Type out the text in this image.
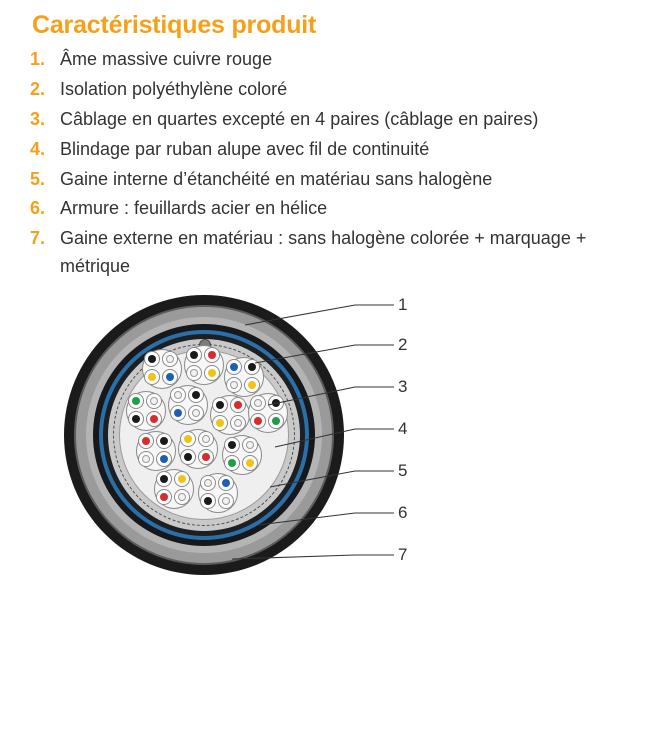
Caractéristiques produit
1. Âme massive cuivre rouge
2. Isolation polyéthylène coloré
3. Câblage en quartes excepté en 4 paires (câblage en paires)
4. Blindage par ruban alupe avec fil de continuité
5. Gaine interne d’étanchéité en matériau sans halogène
6. Armure : feuillards acier en hélice
7. Gaine externe en matériau : sans halogène colorée + marquage + métrique
1
2
3
4
5
6
7
